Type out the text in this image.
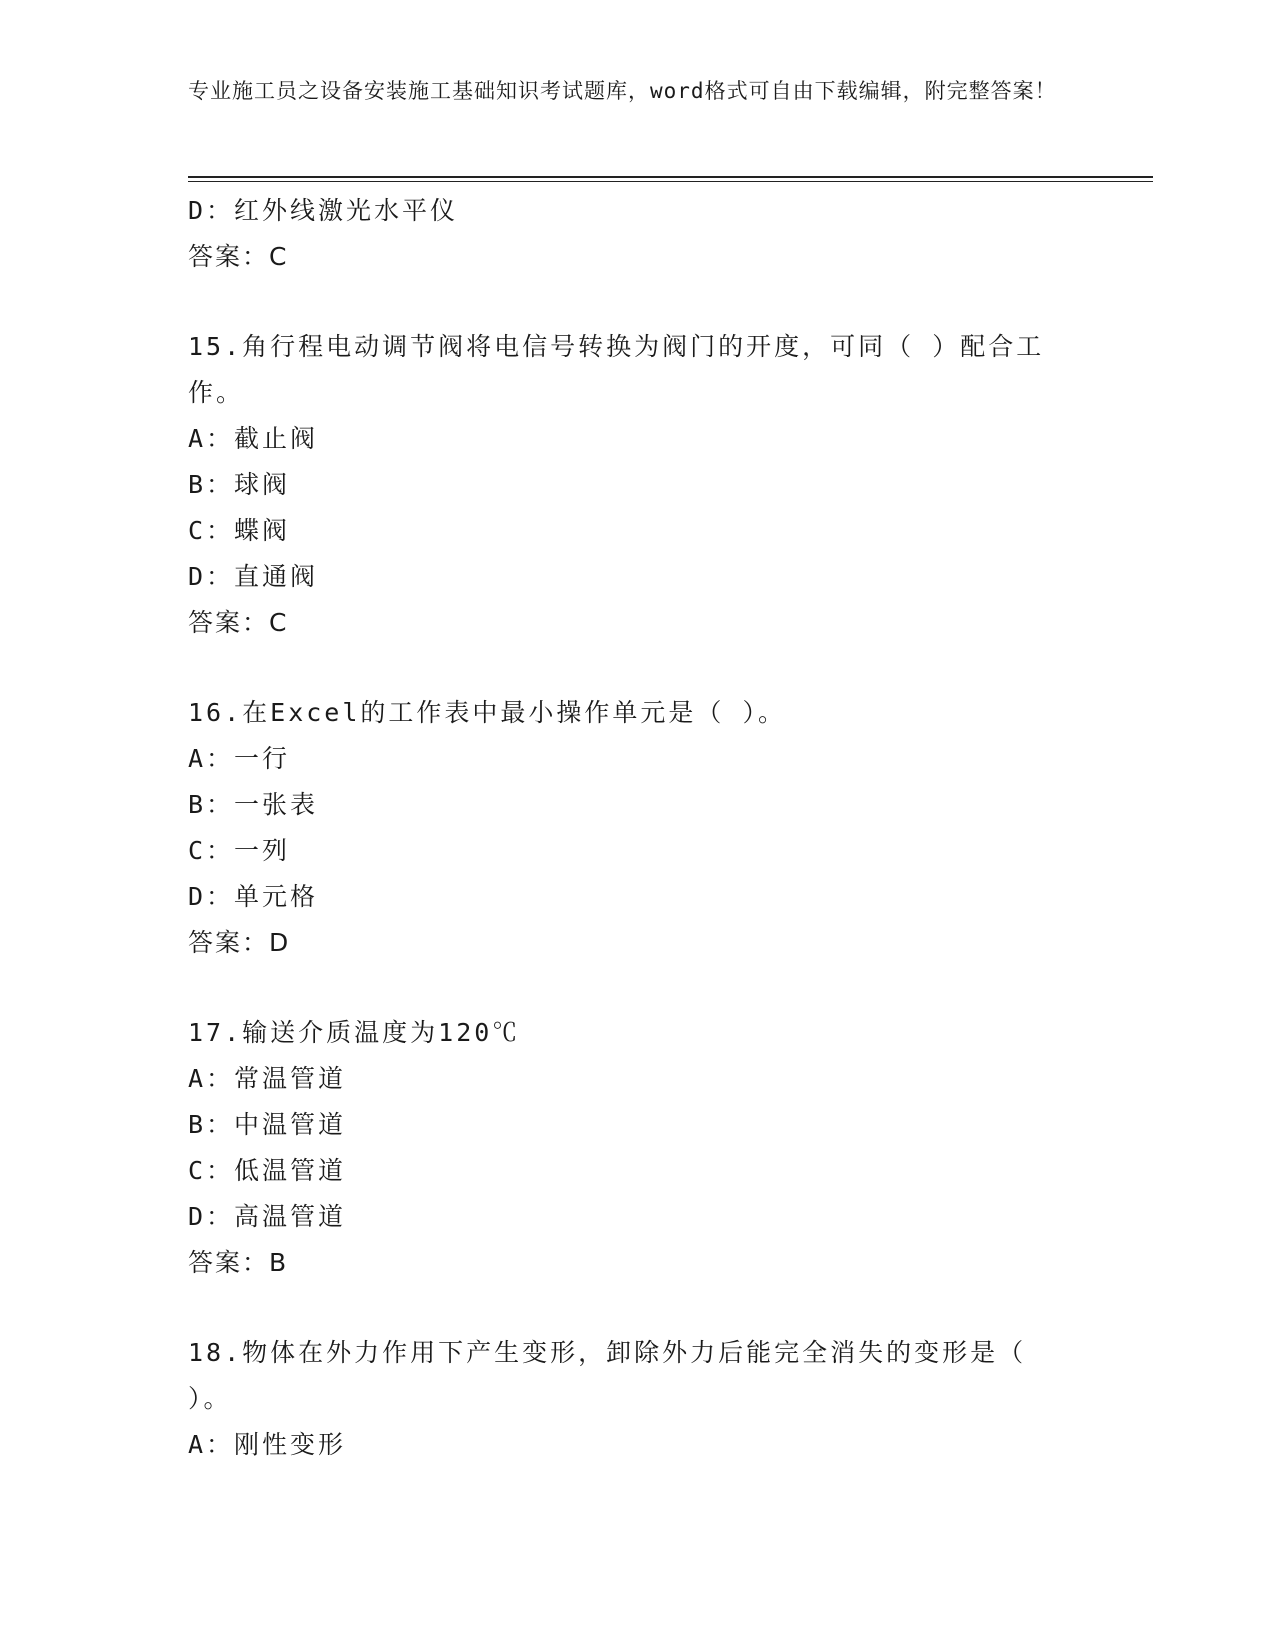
专业施工员之设备安装施工基础知识考试题库，word格式可自由下载编辑，附完整答案！
D：红外线激光水平仪
答案：C
15.角行程电动调节阀将电信号转换为阀门的开度，可同（ ）配合工作。
A：截止阀
B：球阀
C：蝶阀
D：直通阀
答案：C
16.在Excel的工作表中最小操作单元是（ ）。
A：一行
B：一张表
C：一列
D：单元格
答案：D
17.输送介质温度为120℃
A：常温管道
B：中温管道
C：低温管道
D：高温管道
答案：B
18.物体在外力作用下产生变形，卸除外力后能完全消失的变形是（ ）。
A：刚性变形
